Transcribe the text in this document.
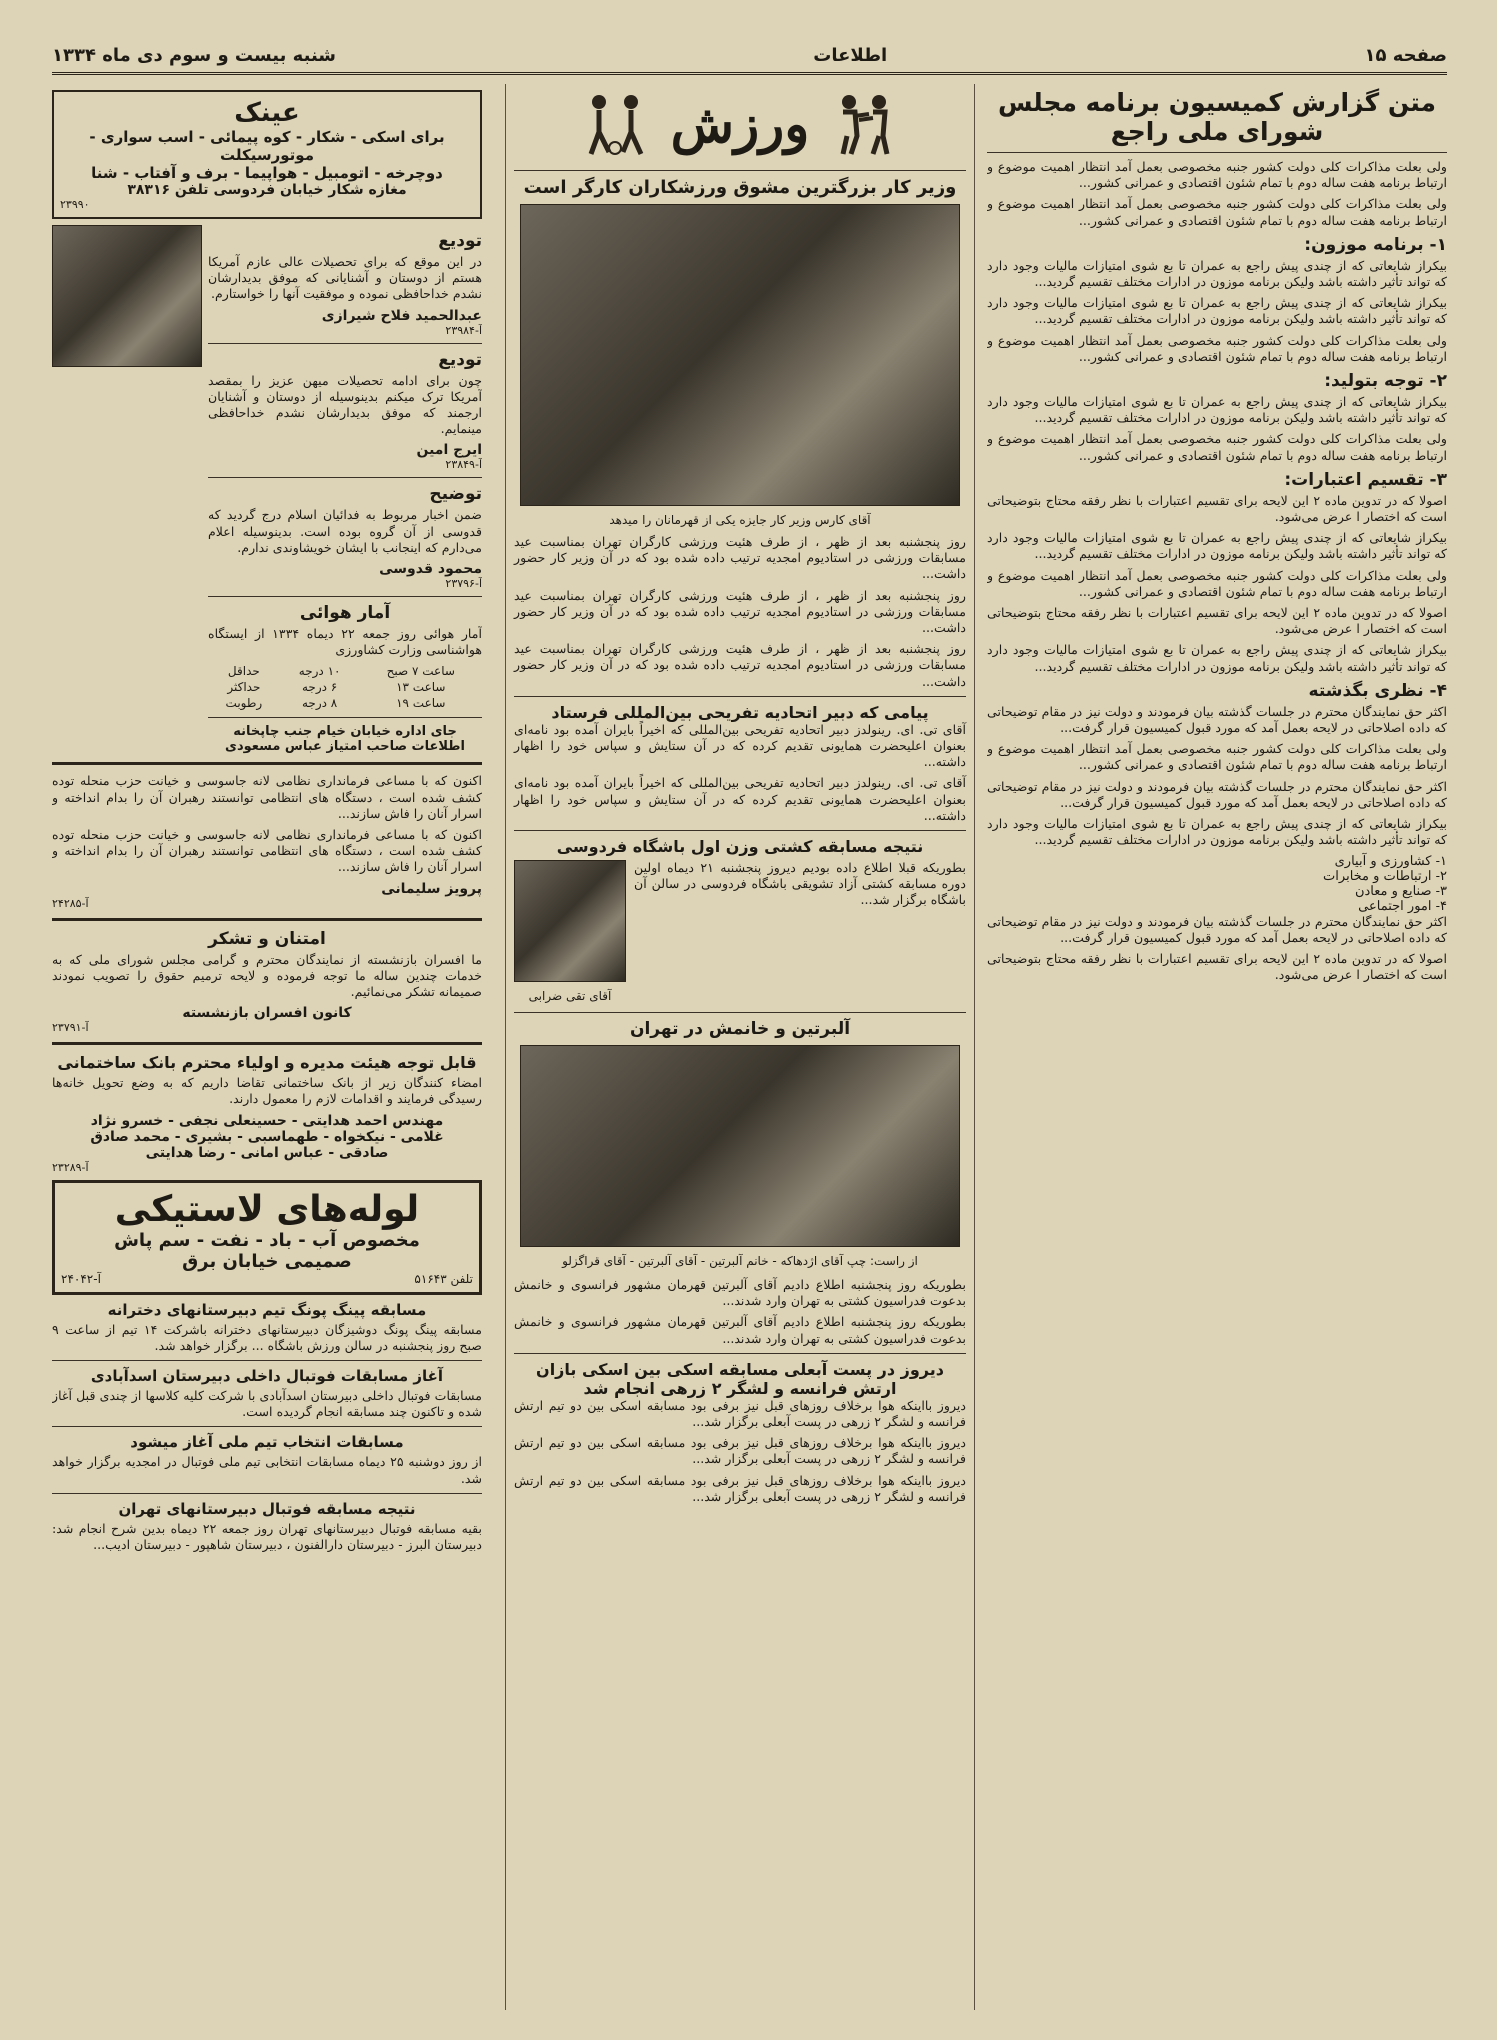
صفحه ۱۵
اطلاعات
شنبه بیست و سوم دی ماه ۱۳۳۴
متن گزارش کمیسیون برنامه مجلس شورای ملی راجع

ولی بعلت مذاکرات کلی دولت کشور جنبه مخصوصی بعمل آمد انتظار اهمیت موضوع و ارتباط برنامه هفت ساله دوم با تمام شئون اقتصادی و عمرانی کشور...

ولی بعلت مذاکرات کلی دولت کشور جنبه مخصوصی بعمل آمد انتظار اهمیت موضوع و ارتباط برنامه هفت ساله دوم با تمام شئون اقتصادی و عمرانی کشور...

۱- برنامه موزون:

بیکراز شایعاتی که از چندی پیش راجع به عمران تا بع شوی امتیازات مالیات وجود دارد که تواند تأثیر داشته باشد ولیکن برنامه موزون در ادارات مختلف تقسیم گردید...

بیکراز شایعاتی که از چندی پیش راجع به عمران تا بع شوی امتیازات مالیات وجود دارد که تواند تأثیر داشته باشد ولیکن برنامه موزون در ادارات مختلف تقسیم گردید...

ولی بعلت مذاکرات کلی دولت کشور جنبه مخصوصی بعمل آمد انتظار اهمیت موضوع و ارتباط برنامه هفت ساله دوم با تمام شئون اقتصادی و عمرانی کشور...

۲- توجه بتولید:

بیکراز شایعاتی که از چندی پیش راجع به عمران تا بع شوی امتیازات مالیات وجود دارد که تواند تأثیر داشته باشد ولیکن برنامه موزون در ادارات مختلف تقسیم گردید...

ولی بعلت مذاکرات کلی دولت کشور جنبه مخصوصی بعمل آمد انتظار اهمیت موضوع و ارتباط برنامه هفت ساله دوم با تمام شئون اقتصادی و عمرانی کشور...

۳- تقسیم اعتبارات:

اصولا که در تدوین ماده ۲ این لایحه برای تقسیم اعتبارات با نظر رفقه محتاج بتوضیحاتی است که اختصار ا عرض می‌شود.

بیکراز شایعاتی که از چندی پیش راجع به عمران تا بع شوی امتیازات مالیات وجود دارد که تواند تأثیر داشته باشد ولیکن برنامه موزون در ادارات مختلف تقسیم گردید...

ولی بعلت مذاکرات کلی دولت کشور جنبه مخصوصی بعمل آمد انتظار اهمیت موضوع و ارتباط برنامه هفت ساله دوم با تمام شئون اقتصادی و عمرانی کشور...

اصولا که در تدوین ماده ۲ این لایحه برای تقسیم اعتبارات با نظر رفقه محتاج بتوضیحاتی است که اختصار ا عرض می‌شود.

بیکراز شایعاتی که از چندی پیش راجع به عمران تا بع شوی امتیازات مالیات وجود دارد که تواند تأثیر داشته باشد ولیکن برنامه موزون در ادارات مختلف تقسیم گردید...

۴- نظری بگذشته

اکثر حق نمایندگان محترم در جلسات گذشته بیان فرمودند و دولت نیز در مقام توضیحاتی که داده اصلاحاتی در لایحه بعمل آمد که مورد قبول کمیسیون قرار گرفت...

ولی بعلت مذاکرات کلی دولت کشور جنبه مخصوصی بعمل آمد انتظار اهمیت موضوع و ارتباط برنامه هفت ساله دوم با تمام شئون اقتصادی و عمرانی کشور...

اکثر حق نمایندگان محترم در جلسات گذشته بیان فرمودند و دولت نیز در مقام توضیحاتی که داده اصلاحاتی در لایحه بعمل آمد که مورد قبول کمیسیون قرار گرفت...

بیکراز شایعاتی که از چندی پیش راجع به عمران تا بع شوی امتیازات مالیات وجود دارد که تواند تأثیر داشته باشد ولیکن برنامه موزون در ادارات مختلف تقسیم گردید...

۱- کشاورزی و آبیاری
۲- ارتباطات و مخابرات
۳- صنایع و معادن
۴- امور اجتماعی

اکثر حق نمایندگان محترم در جلسات گذشته بیان فرمودند و دولت نیز در مقام توضیحاتی که داده اصلاحاتی در لایحه بعمل آمد که مورد قبول کمیسیون قرار گرفت...

اصولا که در تدوین ماده ۲ این لایحه برای تقسیم اعتبارات با نظر رفقه محتاج بتوضیحاتی است که اختصار ا عرض می‌شود.

ورزش
وزیر کار بزرگترین مشوق ورزشکاران کارگر است
آقای کارس وزیر کار جایزه یکی از قهرمانان را میدهد

روز پنجشنبه بعد از ظهر ، از طرف هئیت ورزشی کارگران تهران بمناسبت عید مسابقات ورزشی در استادیوم امجدیه ترتیب داده شده بود که در آن وزیر کار حضور داشت...

روز پنجشنبه بعد از ظهر ، از طرف هئیت ورزشی کارگران تهران بمناسبت عید مسابقات ورزشی در استادیوم امجدیه ترتیب داده شده بود که در آن وزیر کار حضور داشت...

روز پنجشنبه بعد از ظهر ، از طرف هئیت ورزشی کارگران تهران بمناسبت عید مسابقات ورزشی در استادیوم امجدیه ترتیب داده شده بود که در آن وزیر کار حضور داشت...

پیامی که دبیر اتحادیه تفریحی بین‌المللی فرستاد

آقای تی. ای. رینولدز دبیر اتحادیه تفریحی بین‌المللی که اخیراً بایران آمده بود نامه‌ای بعنوان اعلیحضرت همایونی تقدیم کرده که در آن ستایش و سپاس خود را اظهار داشته...

آقای تی. ای. رینولدز دبیر اتحادیه تفریحی بین‌المللی که اخیراً بایران آمده بود نامه‌ای بعنوان اعلیحضرت همایونی تقدیم کرده که در آن ستایش و سپاس خود را اظهار داشته...

نتیجه مسابقه کشتی وزن اول باشگاه فردوسی

بطوریکه قبلا اطلاع داده بودیم دیروز پنجشنبه ۲۱ دیماه اولین دوره مسابقه کشتی آزاد تشویقی باشگاه فردوسی در سالن آن باشگاه برگزار شد...

آقای تقی ضرابی
آلبرتین و خانمش در تهران
از راست: چپ آقای اژدهاکه - خانم آلبرتین - آقای آلبرتین - آقای قراگزلو

بطوریکه روز پنجشنبه اطلاع دادیم آقای آلبرتین قهرمان مشهور فرانسوی و خانمش بدعوت فدراسیون کشتی به تهران وارد شدند...

بطوریکه روز پنجشنبه اطلاع دادیم آقای آلبرتین قهرمان مشهور فرانسوی و خانمش بدعوت فدراسیون کشتی به تهران وارد شدند...

دیروز در پست آبعلی مسابقه اسکی بین اسکی بازان ارتش فرانسه و لشگر ۲ زرهی انجام شد

دیروز بااینکه هوا برخلاف روزهای قبل نیز برفی بود مسابقه اسکی بین دو تیم ارتش فرانسه و لشگر ۲ زرهی در پست آبعلی برگزار شد...

دیروز بااینکه هوا برخلاف روزهای قبل نیز برفی بود مسابقه اسکی بین دو تیم ارتش فرانسه و لشگر ۲ زرهی در پست آبعلی برگزار شد...

دیروز بااینکه هوا برخلاف روزهای قبل نیز برفی بود مسابقه اسکی بین دو تیم ارتش فرانسه و لشگر ۲ زرهی در پست آبعلی برگزار شد...

عینک
برای اسکی - شکار - کوه پیمائی - اسب سواری - موتورسیکلت
دوچرخه - اتومبیل - هواپیما - برف و آفتاب - شنا
مغازه شکار خیابان فردوسی تلفن ۳۸۳۱۶
۲۳۹۹۰
تودیع

در این موقع که برای تحصیلات عالی عازم آمریکا هستم از دوستان و آشنایانی که موفق بدیدارشان نشدم خداحافظی نموده و موفقیت آنها را خواستارم.

عبدالحمید فلاح شیرازی
آ-۲۳۹۸۴
تودیع

چون برای ادامه تحصیلات میهن عزیز را بمقصد آمریکا ترک میکنم بدینوسیله از دوستان و آشنایان ارجمند که موفق بدیدارشان نشدم خداحافظی مینمایم.

ایرج امین
آ-۲۳۸۴۹
توضیح

ضمن اخبار مربوط به فدائیان اسلام درج گردید که قدوسی از آن گروه بوده است. بدینوسیله اعلام می‌دارم که اینجانب با ایشان خویشاوندی ندارم.

محمود قدوسی
آ-۲۳۷۹۶
آمار هوائی

آمار هوائی روز جمعه ۲۲ دیماه ۱۳۳۴ از ایستگاه هواشناسی وزارت کشاورزی

ساعت ۷ صبح	۱۰ درجه	حداقل
ساعت ۱۳	۶ درجه	حداکثر
ساعت ۱۹	۸ درجه	رطوبت
جای اداره خیابان خیام جنب چاپخانه اطلاعات صاحب امتیاز عباس مسعودی

اکنون که با مساعی فرمانداری نظامی لانه جاسوسی و خیانت حزب منحله توده کشف شده است ، دستگاه های انتظامی توانستند رهبران آن را بدام انداخته و اسرار آنان را فاش سازند...

اکنون که با مساعی فرمانداری نظامی لانه جاسوسی و خیانت حزب منحله توده کشف شده است ، دستگاه های انتظامی توانستند رهبران آن را بدام انداخته و اسرار آنان را فاش سازند...

پرویز سلیمانی
آ-۲۴۲۸۵
امتنان و تشکر

ما افسران بازنشسته از نمایندگان محترم و گرامی مجلس شورای ملی که به خدمات چندین ساله ما توجه فرموده و لایحه ترمیم حقوق را تصویب نمودند صمیمانه تشکر می‌نمائیم.

کانون افسران بازنشسته
آ-۲۳۷۹۱
قابل توجه هیئت مدیره و اولیاء محترم بانک ساختمانی

امضاء کنندگان زیر از بانک ساختمانی تقاضا داریم که به وضع تحویل خانه‌ها رسیدگی فرمایند و اقدامات لازم را معمول دارند.

مهندس احمد هدایتی - حسینعلی نجفی - خسرو نژاد
غلامی - نیکخواه - طهماسبی - بشیری - محمد صادق
صادقی - عباس امانی - رضا هدایتی
آ-۲۳۲۸۹
لوله‌های لاستیکی
مخصوص آب - باد - نفت - سم پاش
صمیمی خیابان برق
تلفن ۵۱۶۴۳
آ-۲۴۰۴۲
مسابقه پینگ پونگ تیم دبیرستانهای دخترانه

مسابقه پینگ پونگ دوشیزگان دبیرستانهای دخترانه باشرکت ۱۴ تیم از ساعت ۹ صبح روز پنجشنبه در سالن ورزش باشگاه ... برگزار خواهد شد.

آغاز مسابقات فوتبال داخلی دبیرستان اسدآبادی

مسابقات فوتبال داخلی دبیرستان اسدآبادی با شرکت کلیه کلاسها از چندی قبل آغاز شده و تاکنون چند مسابقه انجام گردیده است.

مسابقات انتخاب تیم ملی آغاز میشود

از روز دوشنبه ۲۵ دیماه مسابقات انتخابی تیم ملی فوتبال در امجدیه برگزار خواهد شد.

نتیجه مسابقه فوتبال دبیرستانهای تهران

بقیه مسابقه فوتبال دبیرستانهای تهران روز جمعه ۲۲ دیماه بدین شرح انجام شد: دبیرستان البرز - دبیرستان دارالفنون ، دبیرستان شاهپور - دبیرستان ادیب...
